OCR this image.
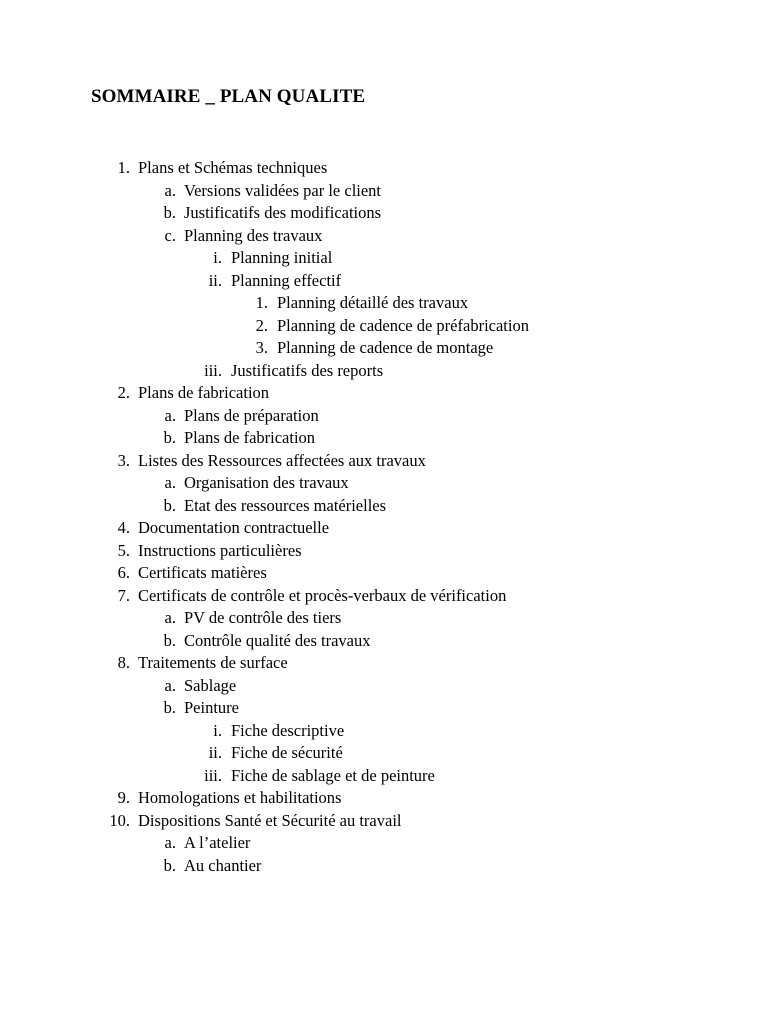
SOMMAIRE _ PLAN QUALITE
1. Plans et Schémas techniques
a. Versions validées par le client
b. Justificatifs des modifications
c. Planning des travaux
i. Planning initial
ii. Planning effectif
1. Planning détaillé des travaux
2. Planning de cadence de préfabrication
3. Planning de cadence de montage
iii. Justificatifs des reports
2. Plans de fabrication
a. Plans de préparation
b. Plans de fabrication
3. Listes des Ressources affectées aux travaux
a. Organisation des travaux
b. Etat des ressources matérielles
4. Documentation contractuelle
5. Instructions particulières
6. Certificats matières
7. Certificats de contrôle et procès-verbaux de vérification
a. PV de contrôle des tiers
b. Contrôle qualité des travaux
8. Traitements de surface
a. Sablage
b. Peinture
i. Fiche descriptive
ii. Fiche de sécurité
iii. Fiche de sablage et de peinture
9. Homologations et habilitations
10. Dispositions Santé et Sécurité au travail
a. A l’atelier
b. Au chantier
